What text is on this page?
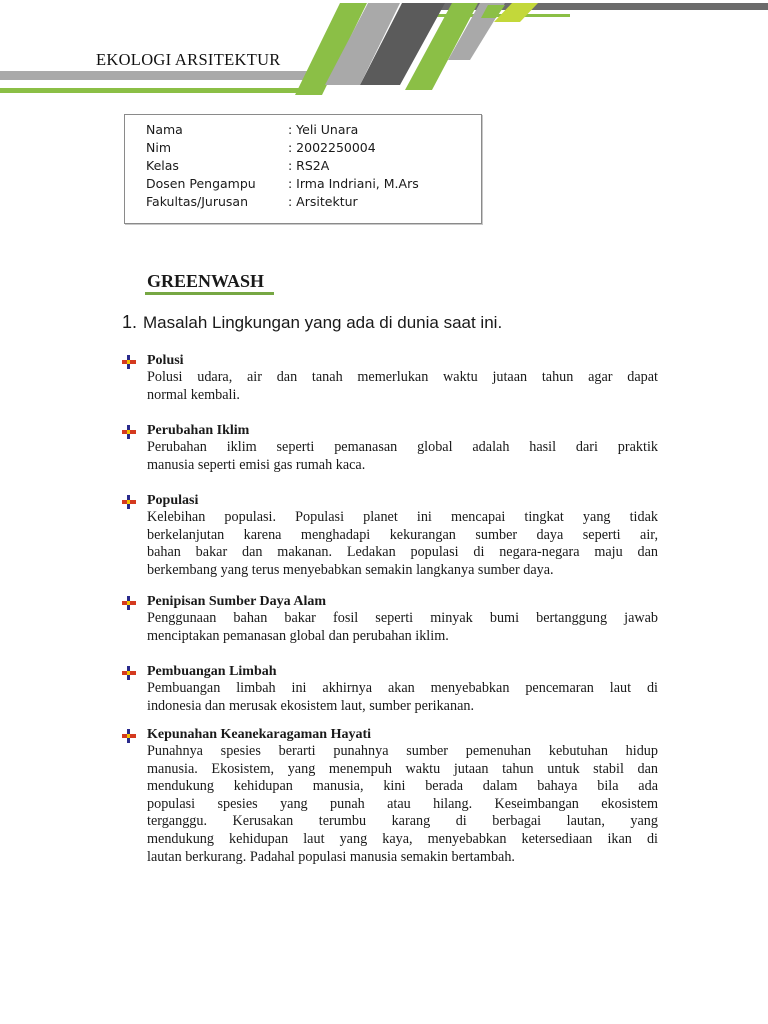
EKOLOGI ARSITEKTUR
Nama	: Yeli Unara
Nim	: 2002250004
Kelas	: RS2A
Dosen Pengampu	: Irma Indriani, M.Ars
Fakultas/Jurusan	: Arsitektur
GREENWASH
1. Masalah Lingkungan yang ada di dunia saat ini.
Polusi
Polusi udara, air dan tanah memerlukan waktu jutaan tahun agar dapat
normal kembali.
Perubahan Iklim
Perubahan iklim seperti pemanasan global adalah hasil dari praktik
manusia seperti emisi gas rumah kaca.
Populasi
Kelebihan populasi. Populasi planet ini mencapai tingkat yang tidak
berkelanjutan karena menghadapi kekurangan sumber daya seperti air,
bahan bakar dan makanan. Ledakan populasi di negara-negara maju dan
berkembang yang terus menyebabkan semakin langkanya sumber daya.
Penipisan Sumber Daya Alam
Penggunaan bahan bakar fosil seperti minyak bumi bertanggung jawab
menciptakan pemanasan global dan perubahan iklim.
Pembuangan Limbah
Pembuangan limbah ini akhirnya akan menyebabkan pencemaran laut di
indonesia dan merusak ekosistem laut, sumber perikanan.
Kepunahan Keanekaragaman Hayati
Punahnya spesies berarti punahnya sumber pemenuhan kebutuhan hidup
manusia. Ekosistem, yang menempuh waktu jutaan tahun untuk stabil dan
mendukung kehidupan manusia, kini berada dalam bahaya bila ada
populasi spesies yang punah atau hilang. Keseimbangan ekosistem
terganggu. Kerusakan terumbu karang di berbagai lautan, yang
mendukung kehidupan laut yang kaya, menyebabkan ketersediaan ikan di
lautan berkurang. Padahal populasi manusia semakin bertambah.
